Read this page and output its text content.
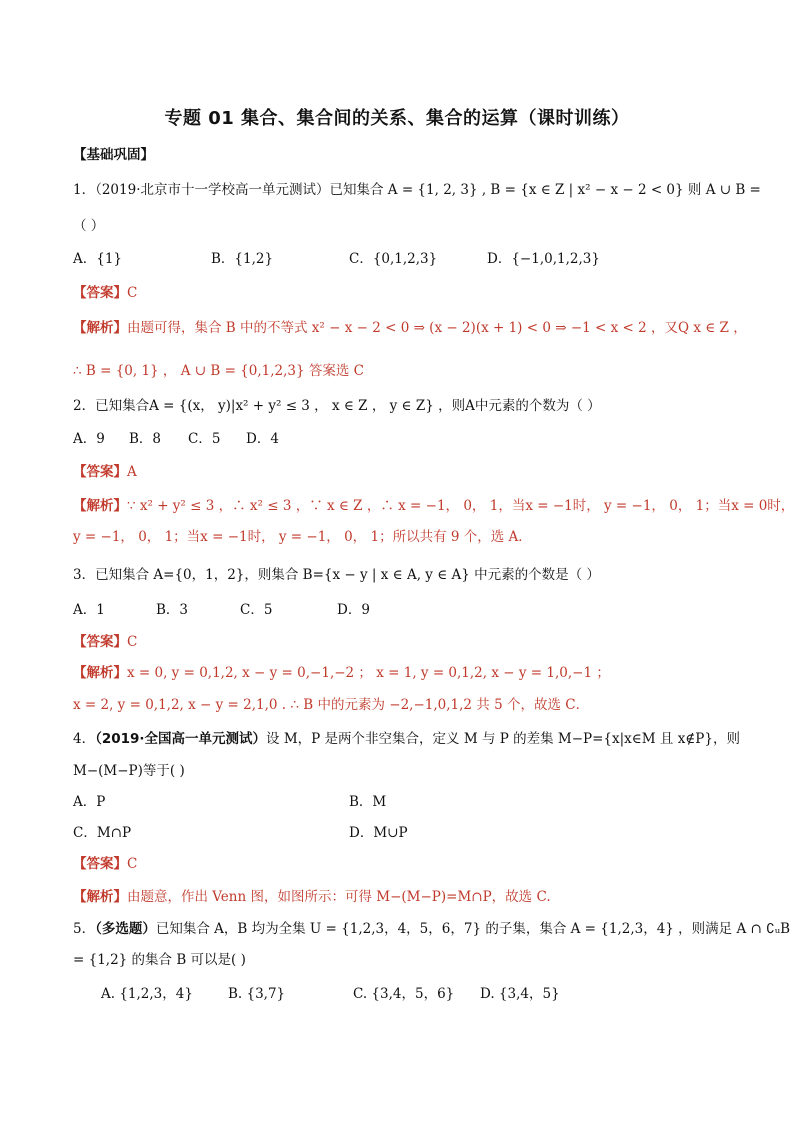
专题 01 集合、集合间的关系、集合的运算（课时训练）
【基础巩固】
1．（2019·北京市十一学校高一单元测试）已知集合 A = {1, 2, 3} , B = {x ∈ Z | x² − x − 2 < 0} 则 A ∪ B =
（ ）
A．{1}	B．{1,2}	C．{0,1,2,3}	D．{−1,0,1,2,3}
【答案】C
【解析】由题可得，集合 B 中的不等式 x² − x − 2 < 0 ⇒ (x − 2)(x + 1) < 0 ⇒ −1 < x < 2 ，又Q x ∈ Z ，
∴ B = {0, 1} ， A ∪ B = {0,1,2,3} 答案选 C
2．已知集合A = {(x， y)|x² + y² ≤ 3 ， x ∈ Z ， y ∈ Z} ，则A中元素的个数为（ ）
A．9 B．8 C．5 D．4
【答案】A
【解析】∵ x² + y² ≤ 3 ，∴ x² ≤ 3 ，∵ x ∈ Z ，∴ x = −1， 0， 1，当x = −1时， y = −1， 0， 1；当x = 0时，
y = −1， 0， 1；当x = −1时， y = −1， 0， 1；所以共有 9 个，选 A．
3．已知集合 A={0，1，2}，则集合 B={x − y | x ∈ A, y ∈ A} 中元素的个数是（ ）
A．1	B．3	C．5	D．9
【答案】C
【解析】x = 0, y = 0,1,2, x − y = 0,−1,−2 ； x = 1, y = 0,1,2, x − y = 1,0,−1 ；
x = 2, y = 0,1,2, x − y = 2,1,0 . ∴ B 中的元素为 −2,−1,0,1,2 共 5 个，故选 C．
4．（2019·全国高一单元测试）设 M，P 是两个非空集合，定义 M 与 P 的差集 M−P={x|x∈M 且 x∉P}，则
M−(M−P)等于( )
A．P	B．M
C．M∩P	D．M∪P
【答案】C
【解析】由题意，作出 Venn 图，如图所示：可得 M−(M−P)=M∩P，故选 C.
5．（多选题）已知集合 A，B 均为全集 U = {1,2,3，4，5，6，7} 的子集，集合 A = {1,2,3，4} ，则满足 A ∩ ∁ᵤB
= {1,2} 的集合 B 可以是( )
A. {1,2,3，4}	B. {3,7}	C. {3,4，5，6} D. {3,4，5}
